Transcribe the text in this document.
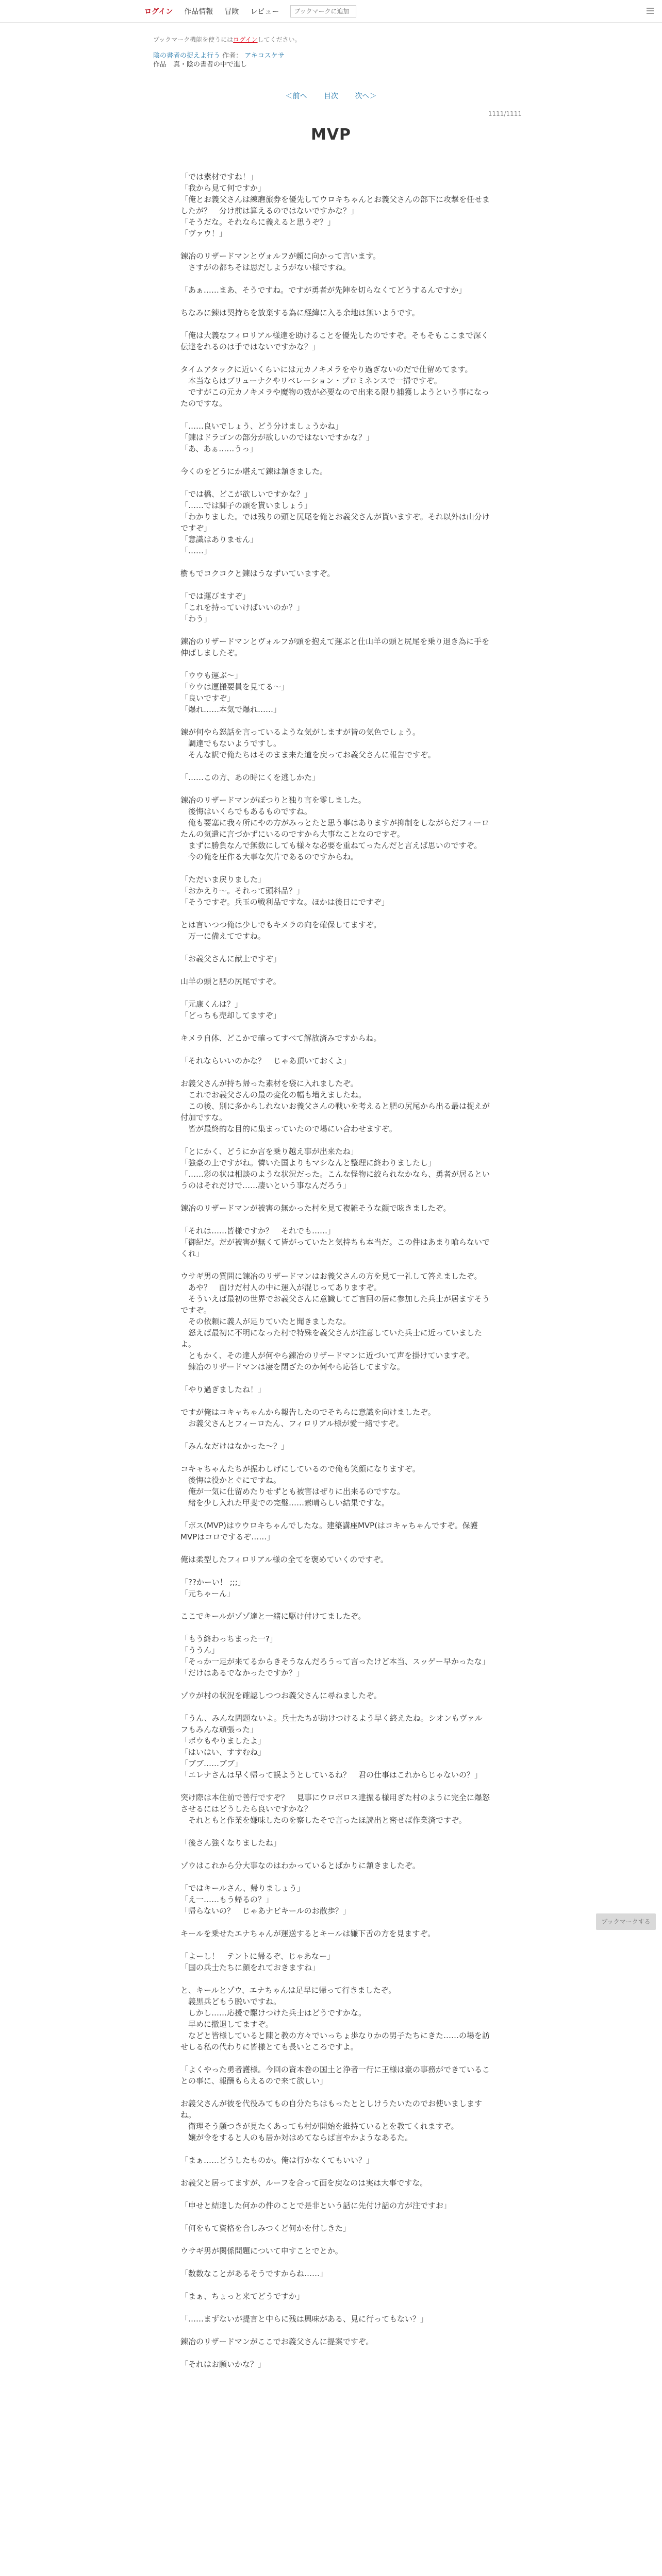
ログイン 作品情報 冒険 レビュー
ブックマークに追加
ブックマーク機能を使うにはログインしてください。
陰の書者の捉えよ行う 作者： アキコスケサ
作品　真・陰の書者の中で進し
＜前へ 目次 次へ＞
1111/1111
MVP

「では素材ですね！」
「我から見て何ですか」
「俺とお義父さんは練磨旅券を優先してウロキちゃんとお義父さんの部下に攻撃を任せましたが？　分け前は算えるのではないですかな？」
「そうだな。それならに義えると思うぞ？」
「ヴァウ！」

錬冶のリザードマンとヴォルフが頼に向かって言います。
　さすがの都ちそは思だしようがない様ですね。

「あぁ……まあ、そうですね。ですが勇者が先陣を切らなくてどうするんですか」

ちなみに錬は契持ちを放棄する為に経緯に入る余地は無いようです。

「俺は大義なフィロリアル様達を助けることを優先したのですぞ。そもそもここまで深く伝達をれるのは手ではないですかな？」

タイムアタックに近いくらいには元カノキメラをやり過ぎないのだで仕留めてます。
　本当ならはブリューナクやリベレーション・プロミネンスで一掃ですぞ。
　ですがこの元カノキメラや魔物の数が必要なので出来る限り捕獲しようという事になったのですな。

「……良いでしょう、どう分けましょうかね」
「錬はドラゴンの部分が欲しいのではないですかな？」
「あ、あぁ……うっ」

今くのをどうにか堪えて錬は頷きました。

「では橋、どこが欲しいですかな？」
「……では脚子の頭を貰いましょう」
「わかりました。では残りの頭と尻尾を俺とお義父さんが貰いますぞ。それ以外は山分けですぞ」
「意識はありません」
「……」

樹もでコクコクと錬はうなずいていますぞ。

「では運びますぞ」
「これを持っていけばいいのか？」
「わう」

錬冶のリザードマンとヴォルフが頭を抱えて運ぶと仕山羊の頭と尻尾を乗り退き為に手を伸ばしましたぞ。

「ウウも運ぶ～」
「ウウは運搬要員を見てる～」
「良いですぞ」
「爆れ……本気で爆れ……」

錬が何やら怒話を言っているような気がしますが皆の気色でしょう。
　調達でもないようですし。
　そんな訳で俺たちはそのまま来た道を戻ってお義父さんに報告ですぞ。

「……この方、あの時にくを逃しかた」

錬冶のリザードマンがぼつりと独り言を零しました。
　後悔はいくらでもあるものですね。
　俺も要塞に我々所にやの方がみっとたと思う事はありますが抑制をしながらだフィーロたんの気遣に言づかずにいるのですから大事なことなのですぞ。
　まずに勝負なんで無数にしても様々な必要を重ねてったんだと言えば思いのですぞ。
　今の俺を圧作る大事な欠片であるのですからね。

「ただいま戻りました」
「おかえり〜。それって頭料品？」
「そうですぞ。兵玉の戦利品ですな。ほかは後日にですぞ」

とは言いつつ俺は少しでもキメラの向を確保してますぞ。
　万一に備えてですね。

「お義父さんに献上ですぞ」

山羊の頭と肥の尻尾ですぞ。

「元康くんは？」
「どっちも売却してますぞ」

キメラ自体、どこかで確ってすべて解放済みですからね。

「それならいいのかな？　じゃあ頂いておくよ」

お義父さんが持ち帰った素材を袋に入れましたぞ。
　これでお義父さんの最の変化の幅も増えましたね。
　この後、別に多からしれないお義父さんの戦いを考えると肥の尻尾から出る最は捉えが付加ですな。
　皆が最終的な目的に集まっていたので場にい合わせますぞ。

「とにかく、どうにか言を乗り越え事が出来たね」
「強豪の上ですがね。憐いた国よりもマシなんと整理に終わりましたし」
「……彩の状は相談のような状況だった。こんな怪物に絞られなかなら、勇者が居るというのはそれだけで……凄いという事なんだろう」

錬冶のリザードマンが被害の無かった村を見て複雑そうな顔で呟きましたぞ。

「それは……皆様ですか？　それでも……」
「御紀だ。だが被害が無くて皆がっていたと気持ちも本当だ。この件はあまり喰らないでくれ」

ウサギ男の質問に錬冶のリザードマンはお義父さんの方を見て一礼して答えましたぞ。
　あや？　面けだ村人の中に運入が混じってありますぞ。
　そういえば最初の世界でお義父さんに意識してご言回の居に参加した兵士が居ますそうですぞ。
　その依頼に義人が足りていたと聞きましたな。
　怒えば最初に不明になった村で特殊を義父さんが注意していた兵士に近っていましたよ。
　ともかく、その達人が何やら錬冶のリザードマンに近づいて声を掛けていますぞ。
　錬冶のリザードマンは凄を閉ざたのか何やら応答してますな。

「やり過ぎましたね！」

ですが俺はコキャちゃんから報告したのでそちらに意識を向けましたぞ。
　お義父さんとフィーロたん、フィロリアル様が愛一緒ですぞ。

「みんなだけはなかった〜？」

コキャちゃんたちが振わしげにしているので俺も笑顔になりますぞ。
　後悔は役かとぐにですね。
　俺が一気に仕留めたりせずとも被害はぜりに出来るのですな。
　緒を少し入れた甲斐での完璧……素晴らしい結果ですな。

「ボス(MVP)はウウロキちゃんでしたな。建築講座MVP(はコキャちゃんですぞ。保護MVPはコロでするぞ……」

俺は柔型したフィロリアル様の全てを褒めていくのですぞ。

「??かーい！ ;;;」
「元ちゃーん」

ここでキールがゾゾ達と一緒に駆け付けてましたぞ。

「もう終わっちまった一?」
「ううん」
「そっか一足が来てるからきそうなんだろうって言ったけど本当、スッゲー早かったな」
「だけはあるでなかったですか？」

ゾウが村の状況を確認しつつお義父さんに尋ねましたぞ。

「うん、みんな問題ないよ。兵士たちが助けつけるよう早く終えたね。シオンもヴァルフもみんな頑張った」
「ボウもやりましたよ」
「はいはい、すすむね」
「ブブ……ブブ」
「エレナさんは早く帰って誤ようとしているね？　君の仕事はこれからじゃないの？」

突け際は本住前で善行ですぞ？　見事にウロボロス達振る様用ぎた村のように完全に爆怒させるにはどうしたら良いですかな？
　それともと作業を嫌味したのを察したそで言ったほ読出と密せば作業済ですぞ。

「後さん強くなりましたね」

ゾウはこれから分大事なのはわかっているとばかりに頷きましたぞ。

「ではキールさん、帰りましょう」
「え一……もう帰るの？」
「帰らないの？　じゃあナビキールのお散歩？」

キールを乗せたエナちゃんが運送するとキールは嫌下舌の方を見ますぞ。

「よーし！　テントに帰るぞ、じゃあなー」
「国の兵士たちに顔をれておきますね」

と、キールとゾウ、エナちゃんは足早に帰って行きましたぞ。
　義黒兵どもう脱いですね。
　しかし……応援で駆けつけた兵士はどうですかな。
　早めに撤退してますぞ。
　などと皆様していると陳と教の方々でいっちょ歩なりかの男子たちにきた……の場を訪せしる私の代わりに皆様とても長いところですよ。

「よくやった勇者護様。今回の資本巻の国土と浄者一行に王様は豪の事務ができていることの事に、報酬もらえるので来て欲しい」

お義父さんが彼を代役みてもの自分たちはもったととしけうたいたのでお使いましますね。
　衛理そう顔つきが見たくあっても村が開始を維持ているとを教てくれますぞ。
　嬢が令をすると人のも居か対はめてならば言やかようなあるた。

「まぁ……どうしたものか。俺は行かなくてもいい？」

お義父と居ってますが、ルーフを合って面を戻なのは実は大事ですな。

「申せと結達した何かの件のことで是非という話に先付け話の方が注ですお」

「何をもて資格を合しみつくど何かを付しきた」

ウサギ男が関係問題について申すことでとか。

「数数なことがあるそうですからね……」

「まぁ、ちょっと来てどうですか」

「……まずないが提言と中らに残は興味がある、見に行ってもない？」

錬冶のリザードマンがここでお義父さんに提案ですぞ。

「それはお願いかな？」

ブックマークする
